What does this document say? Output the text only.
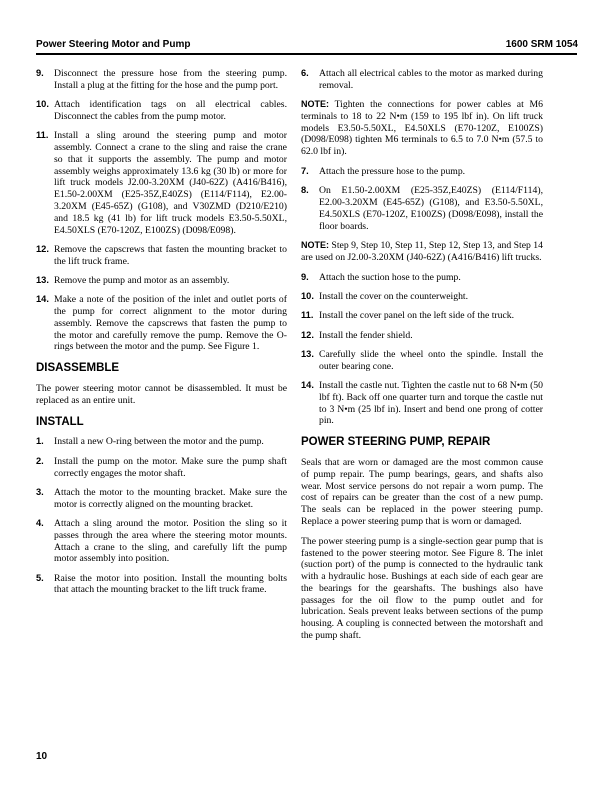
Power Steering Motor and Pump	1600 SRM 1054
9.	Disconnect the pressure hose from the steering pump. Install a plug at the fitting for the hose and the pump port.
10. Attach identification tags on all electrical cables. Disconnect the cables from the pump motor.
11. Install a sling around the steering pump and motor assembly. Connect a crane to the sling and raise the crane so that it supports the assembly. The pump and motor assembly weighs approximately 13.6 kg (30 lb) or more for lift truck models J2.00-3.20XM (J40-62Z) (A416/B416), E1.50-2.00XM (E25-35Z,E40ZS) (E114/F114), E2.00-3.20XM (E45-65Z) (G108), and V30ZMD (D210/E210) and 18.5 kg (41 lb) for lift truck models E3.50-5.50XL, E4.50XLS (E70-120Z, E100ZS) (D098/E098).
12. Remove the capscrews that fasten the mounting bracket to the lift truck frame.
13. Remove the pump and motor as an assembly.
14. Make a note of the position of the inlet and outlet ports of the pump for correct alignment to the motor during assembly. Remove the capscrews that fasten the pump to the motor and carefully remove the pump. Remove the O-rings between the motor and the pump. See Figure 1.
DISASSEMBLE

The power steering motor cannot be disassembled. It must be replaced as an entire unit.

INSTALL
1.	Install a new O-ring between the motor and the pump.
2.	Install the pump on the motor. Make sure the pump shaft correctly engages the motor shaft.
3.	Attach the motor to the mounting bracket. Make sure the motor is correctly aligned on the mounting bracket.
4.	Attach a sling around the motor. Position the sling so it passes through the area where the steering motor mounts. Attach a crane to the sling, and carefully lift the pump motor assembly into position.
5.	Raise the motor into position. Install the mounting bolts that attach the mounting bracket to the lift truck frame.
6.	Attach all electrical cables to the motor as marked during removal.

NOTE: Tighten the connections for power cables at M6 terminals to 18 to 22 N•m (159 to 195 lbf in). On lift truck models E3.50-5.50XL, E4.50XLS (E70-120Z, E100ZS) (D098/E098) tighten M6 terminals to 6.5 to 7.0 N•m (57.5 to 62.0 lbf in).

7.	Attach the pressure hose to the pump.
8.	On E1.50-2.00XM (E25-35Z,E40ZS) (E114/F114), E2.00-3.20XM (E45-65Z) (G108), and E3.50-5.50XL, E4.50XLS (E70-120Z, E100ZS) (D098/E098), install the floor boards.

NOTE: Step 9, Step 10, Step 11, Step 12, Step 13, and Step 14 are used on J2.00-3.20XM (J40-62Z) (A416/B416) lift trucks.

9.	Attach the suction hose to the pump.
10. Install the cover on the counterweight.
11. Install the cover panel on the left side of the truck.
12. Install the fender shield.
13. Carefully slide the wheel onto the spindle. Install the outer bearing cone.
14. Install the castle nut. Tighten the castle nut to 68 N•m (50 lbf ft). Back off one quarter turn and torque the castle nut to 3 N•m (25 lbf in). Insert and bend one prong of cotter pin.
POWER STEERING PUMP, REPAIR

Seals that are worn or damaged are the most common cause of pump repair. The pump bearings, gears, and shafts also wear. Most service persons do not repair a worn pump. The cost of repairs can be greater than the cost of a new pump. The seals can be replaced in the power steering pump. Replace a power steering pump that is worn or damaged.

The power steering pump is a single-section gear pump that is fastened to the power steering motor. See Figure 8. The inlet (suction port) of the pump is connected to the hydraulic tank with a hydraulic hose. Bushings at each side of each gear are the bearings for the gearshafts. The bushings also have passages for the oil flow to the pump outlet and for lubrication. Seals prevent leaks between sections of the pump housing. A coupling is connected between the motorshaft and the pump shaft.

10
